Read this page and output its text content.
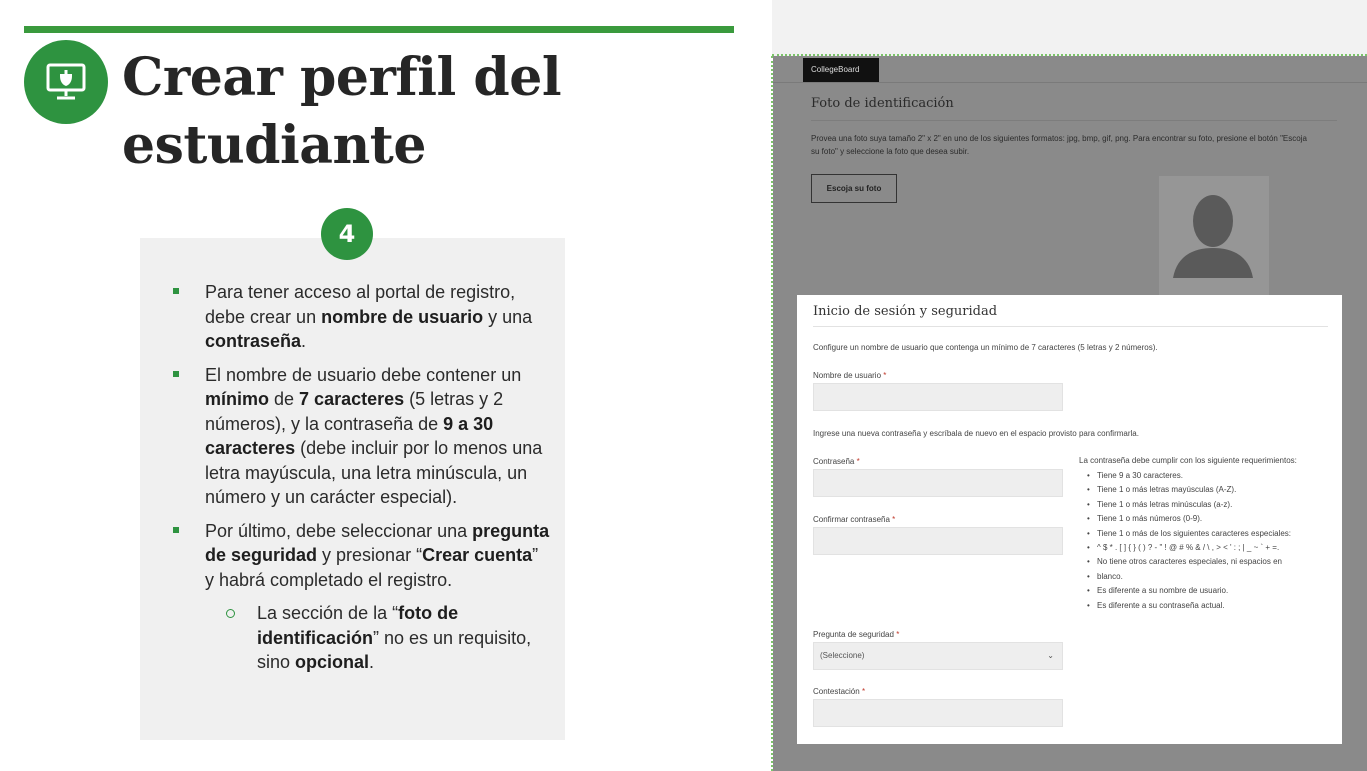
Crear perfil del
estudiante
4
Para tener acceso al portal de registro, debe crear un nombre de usuario y una contraseña.
El nombre de usuario debe contener un mínimo de 7 caracteres (5 letras y 2 números), y la contraseña de 9 a 30 caracteres (debe incluir por lo menos una letra mayúscula, una letra minúscula, un número y un carácter especial).
Por último, debe seleccionar una pregunta de seguridad y presionar “Crear cuenta” y habrá completado el registro.
La sección de la “foto de identificación” no es un requisito, sino opcional.
CollegeBoard
Foto de identificación
Provea una foto suya tamaño 2" x 2" en uno de los siguientes formatos: jpg, bmp, gif, png. Para encontrar su foto, presione el botón "Escoja su foto" y seleccione la foto que desea subir.
Escoja su foto
Inicio de sesión y seguridad
Configure un nombre de usuario que contenga un mínimo de 7 caracteres (5 letras y 2 números).
Nombre de usuario *
Ingrese una nueva contraseña y escríbala de nuevo en el espacio provisto para confirmarla.
Contraseña *
Confirmar contraseña *
La contraseña debe cumplir con los siguiente requerimientos:
• Tiene 9 a 30 caracteres.
• Tiene 1 o más letras mayúsculas (A-Z).
• Tiene 1 o más letras minúsculas (a-z).
• Tiene 1 o más números (0-9).
• Tiene 1 o más de los siguientes caracteres especiales:
• ^ $ * . [ ] { } ( ) ? - " ! @ # % & / \ , > < ' : ; | _ ~ ` + =.
• No tiene otros caracteres especiales, ni espacios en
• blanco.
• Es diferente a su nombre de usuario.
• Es diferente a su contraseña actual.
Pregunta de seguridad *
(Seleccione)	⌄
Contestación *
